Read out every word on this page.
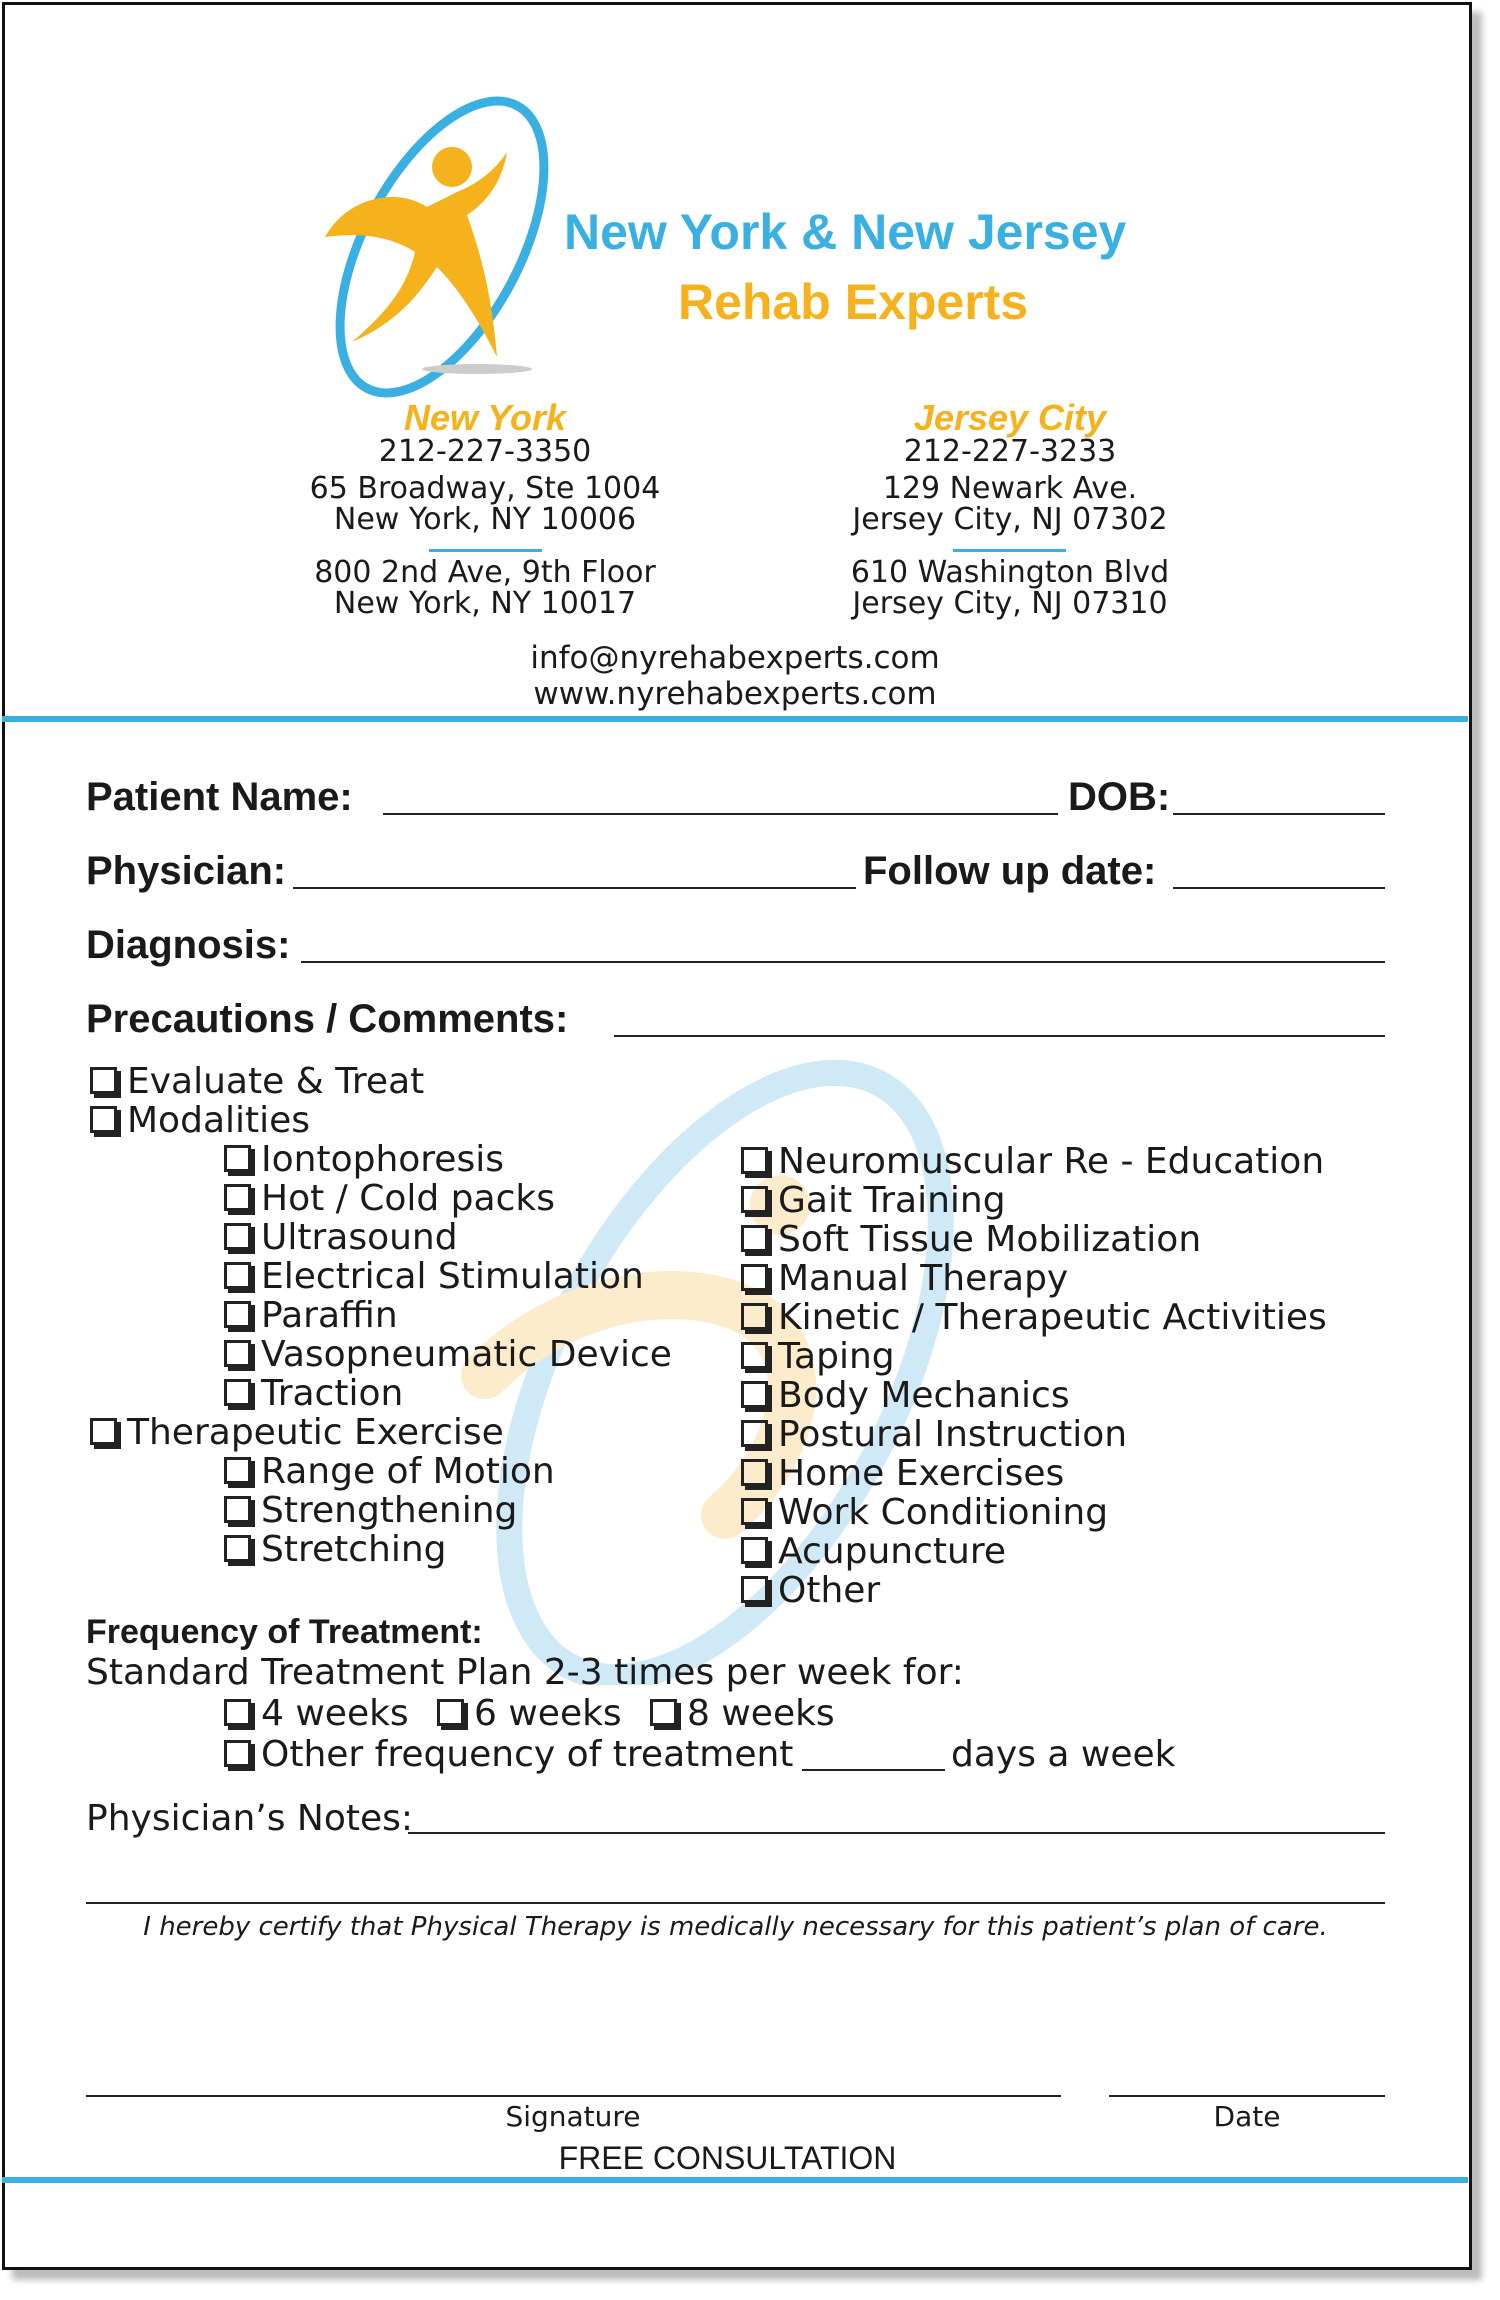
New York & New Jersey
Rehab Experts
New York
212-227-3350
65 Broadway, Ste 1004
New York, NY 10006
800 2nd Ave, 9th Floor
New York, NY 10017
Jersey City
212-227-3233
129 Newark Ave.
Jersey City, NJ 07302
610 Washington Blvd
Jersey City, NJ 07310
info@nyrehabexperts.com
www.nyrehabexperts.com
Patient Name:	DOB:
Physician:	Follow up date:
Diagnosis:
Precautions / Comments:
Evaluate & Treat
Modalities
Iontophoresis
Hot / Cold packs
Ultrasound
Electrical Stimulation
Paraffin
Vasopneumatic Device
Traction
Therapeutic Exercise
Range of Motion
Strengthening
Stretching
Neuromuscular Re - Education
Gait Training
Soft Tissue Mobilization
Manual Therapy
Kinetic / Therapeutic Activities
Taping
Body Mechanics
Postural Instruction
Home Exercises
Work Conditioning
Acupuncture
Other
Frequency of Treatment:
Standard Treatment Plan 2-3 times per week for:
4 weeks	6 weeks	8 weeks
Other frequency of treatment	days a week
Physician’s Notes:
I hereby certify that Physical Therapy is medically necessary for this patient’s plan of care.
Signature	Date
FREE CONSULTATION
